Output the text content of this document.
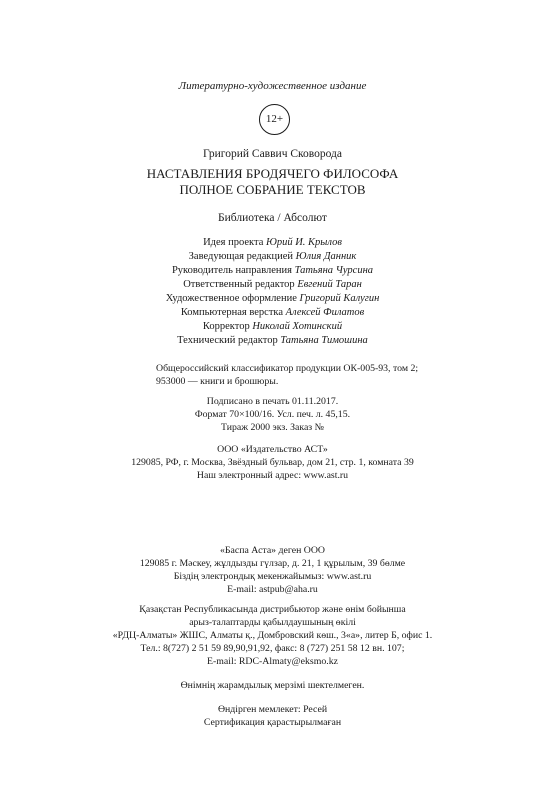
Литературно-художественное издание
12+
Григорий Саввич Сковорода
НАСТАВЛЕНИЯ БРОДЯЧЕГО ФИЛОСОФА
ПОЛНОЕ СОБРАНИЕ ТЕКСТОВ
Библиотека / Абсолют
Идея проекта Юрий И. Крылов
Заведующая редакцией Юлия Данник
Руководитель направления Татьяна Чурсина
Ответственный редактор Евгений Таран
Художественное оформление Григорий Калугин
Компьютерная верстка Алексей Филатов
Корректор Николай Хотинский
Технический редактор Татьяна Тимошина
Общероссийский классификатор продукции ОК-005-93, том 2;
953000 — книги и брошюры.
Подписано в печать 01.11.2017.
Формат 70×100/16. Усл. печ. л. 45,15.
Тираж 2000 экз. Заказ №
ООО «Издательство АСТ»
129085, РФ, г. Москва, Звёздный бульвар, дом 21, стр. 1, комната 39
Наш электронный адрес: www.ast.ru
«Баспа Аста» деген ООО
129085 г. Мәскеу, жұлдызды гүлзар, д. 21, 1 құрылым, 39 бөлме
Біздің электрондық мекенжайымыз: www.ast.ru
E-mail: astpub@aha.ru
Қазақстан Республикасында дистрибьютор және өнім бойынша
арыз-талаптарды қабылдаушының өкілі
«РДЦ-Алматы» ЖШС, Алматы қ., Домбровский көш., 3«а», литер Б, офис 1.
Тел.: 8(727) 2 51 59 89,90,91,92, факс: 8 (727) 251 58 12 вн. 107;
E-mail: RDC-Almaty@eksmo.kz
Өнімнің жарамдылық мерзімі шектелмеген.
Өндірген мемлекет: Ресей
Сертификация қарастырылмаған
